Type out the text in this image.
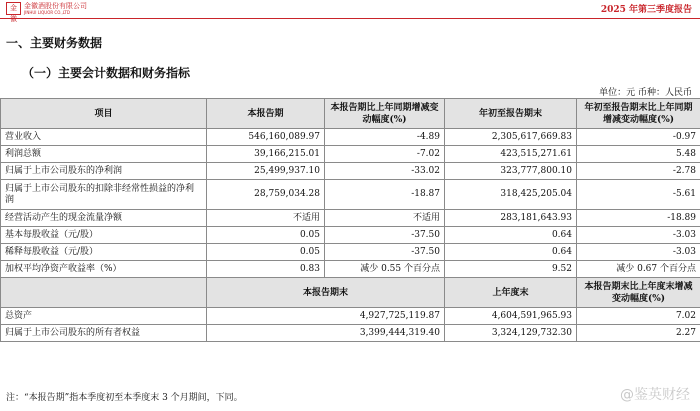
金徽
金徽酒股份有限公司
JINHUI LIQUOR CO.,LTD	2025 年第三季度报告
一、主要财务数据
（一）主要会计数据和财务指标
单位：元 币种：人民币
项目	本报告期	本报告期比上年同期增减变动幅度(%)	年初至报告期末	年初至报告期末比上年同期增减变动幅度(%)
营业收入	546,160,089.97	-4.89	2,305,617,669.83	-0.97
利润总额	39,166,215.01	-7.02	423,515,271.61	5.48
归属于上市公司股东的净利润	25,499,937.10	-33.02	323,777,800.10	-2.78
归属于上市公司股东的扣除非经常性损益的净利润	28,759,034.28	-18.87	318,425,205.04	-5.61
经营活动产生的现金流量净额	不适用	不适用	283,181,643.93	-18.89
基本每股收益（元/股）	0.05	-37.50	0.64	-3.03
稀释每股收益（元/股）	0.05	-37.50	0.64	-3.03
加权平均净资产收益率（%）	0.83	减少 0.55 个百分点	9.52	减少 0.67 个百分点
	本报告期末		上年度末	本报告期末比上年度末增减变动幅度(%)
总资产	4,927,725,119.87		4,604,591,965.93	7.02
归属于上市公司股东的所有者权益	3,399,444,319.40		3,324,129,732.30	2.27
注：“本报告期”指本季度初至本季度末 3 个月期间，下同。	@鉴英财经
